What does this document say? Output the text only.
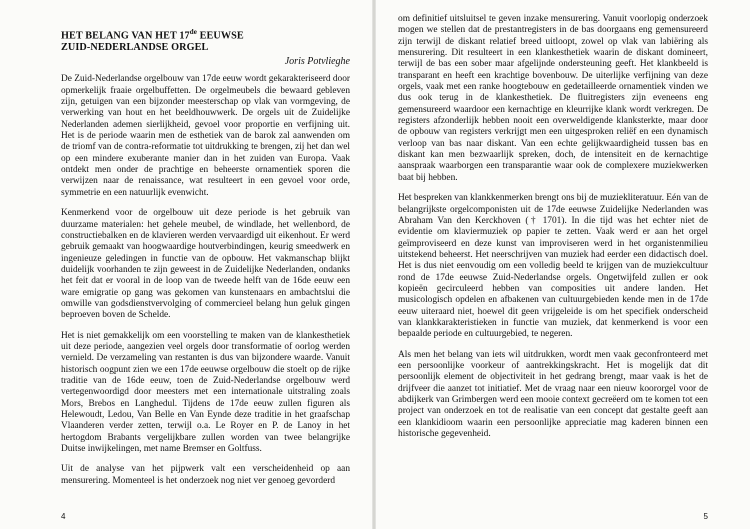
HET BELANG VAN HET 17de EEUWSE
ZUID-NEDERLANDSE ORGEL
Joris Potvlieghe

De Zuid-Nederlandse orgelbouw van 17de eeuw wordt gekarakteriseerd door opmerkelijk fraaie orgelbuffetten. De orgelmeubels die bewaard gebleven zijn, getuigen van een bijzonder meesterschap op vlak van vormgeving, de verwerking van hout en het beeldhouwwerk. De orgels uit de Zuidelijke Nederlanden ademen sierlijkheid, gevoel voor proportie en verfijning uit. Het is de periode waarin men de esthetiek van de barok zal aanwenden om de triomf van de contra-reformatie tot uitdrukking te brengen, zij het dan wel op een mindere exuberante manier dan in het zuiden van Europa. Vaak ontdekt men onder de prachtige en beheerste ornamentiek sporen die verwijzen naar de renaissance, wat resulteert in een gevoel voor orde, symmetrie en een natuurlijk evenwicht.

Kenmerkend voor de orgelbouw uit deze periode is het gebruik van duurzame materialen: het gehele meubel, de windlade, het wellenbord, de constructiebalken en de klavieren werden vervaardigd uit eikenhout. Er werd gebruik gemaakt van hoogwaardige houtverbindingen, keurig smeedwerk en ingenieuze geledingen in functie van de opbouw. Het vakmanschap blijkt duidelijk voorhanden te zijn geweest in de Zuidelijke Nederlanden, ondanks het feit dat er vooral in de loop van de tweede helft van de 16de eeuw een ware emigratie op gang was gekomen van kunstenaars en ambachtslui die omwille van godsdienstvervolging of commercieel belang hun geluk gingen beproeven boven de Schelde.

Het is niet gemakkelijk om een voorstelling te maken van de klankesthetiek uit deze periode, aangezien veel orgels door transformatie of oorlog werden vernield. De verzameling van restanten is dus van bijzondere waarde. Vanuit historisch oogpunt zien we een 17de eeuwse orgelbouw die stoelt op de rijke traditie van de 16de eeuw, toen de Zuid-Nederlandse orgelbouw werd vertegenwoordigd door meesters met een internationale uitstraling zoals Mors, Brebos en Langhedul. Tijdens de 17de eeuw zullen figuren als Helewoudt, Ledou, Van Belle en Van Eynde deze traditie in het graafschap Vlaanderen verder zetten, terwijl o.a. Le Royer en P. de Lanoy in het hertogdom Brabants vergelijkbare zullen worden van twee belangrijke Duitse inwijkelingen, met name Bremser en Goltfuss.

Uit de analyse van het pijpwerk valt een verscheidenheid op aan mensurering. Momenteel is het onderzoek nog niet ver genoeg gevorderd

4

om definitief uitsluitsel te geven inzake mensurering. Vanuit voorlopig onderzoek mogen we stellen dat de prestantregisters in de bas doorgaans eng gemensureerd zijn terwijl de diskant relatief breed uitloopt, zowel op vlak van labiëring als mensurering. Dit resulteert in een klankesthetiek waarin de diskant domineert, terwijl de bas een sober maar afgelijnde ondersteuning geeft. Het klankbeeld is transparant en heeft een krachtige bovenbouw. De uiterlijke verfijning van deze orgels, vaak met een ranke hoogtebouw en gedetailleerde ornamentiek vinden we dus ook terug in de klankesthetiek. De fluitregisters zijn eveneens eng gemensureerd waardoor een kernachtige en kleurrijke klank wordt verkregen. De registers afzonderlijk hebben nooit een overweldigende klanksterkte, maar door de opbouw van registers verkrijgt men een uitgesproken reliëf en een dynamisch verloop van bas naar diskant. Van een echte gelijkwaardigheid tussen bas en diskant kan men bezwaarlijk spreken, doch, de intensiteit en de kernachtige aanspraak waarborgen een transparantie waar ook de complexere muziekwerken baat bij hebben.

Het bespreken van klankkenmerken brengt ons bij de muziekliteratuur. Eén van de belangrijkste orgelcomponisten uit de 17de eeuwse Zuidelijke Nederlanden was Abraham Van den Kerckhoven († 1701). In die tijd was het echter niet de evidentie om klaviermuziek op papier te zetten. Vaak werd er aan het orgel geïmproviseerd en deze kunst van improviseren werd in het organistenmilieu uitstekend beheerst. Het neerschrijven van muziek had eerder een didactisch doel. Het is dus niet eenvoudig om een volledig beeld te krijgen van de muziekcultuur rond de 17de eeuwse Zuid-Nederlandse orgels. Ongetwijfeld zullen er ook kopieën gecirculeerd hebben van composities uit andere landen. Het musicologisch opdelen en afbakenen van cultuurgebieden kende men in de 17de eeuw uiteraard niet, hoewel dit geen vrijgeleide is om het specifiek onderscheid van klankkarakteristieken in functie van muziek, dat kenmerkend is voor een bepaalde periode en cultuurgebied, te negeren.

Als men het belang van iets wil uitdrukken, wordt men vaak geconfronteerd met een persoonlijke voorkeur of aantrekkingskracht. Het is mogelijk dat dit persoonlijk element de objectiviteit in het gedrang brengt, maar vaak is het de drijfveer die aanzet tot initiatief. Met de vraag naar een nieuw koororgel voor de abdijkerk van Grimbergen werd een mooie context gecreëerd om te komen tot een project van onderzoek en tot de realisatie van een concept dat gestalte geeft aan een klankidioom waarin een persoonlijke appreciatie mag kaderen binnen een historische gegevenheid.

5
